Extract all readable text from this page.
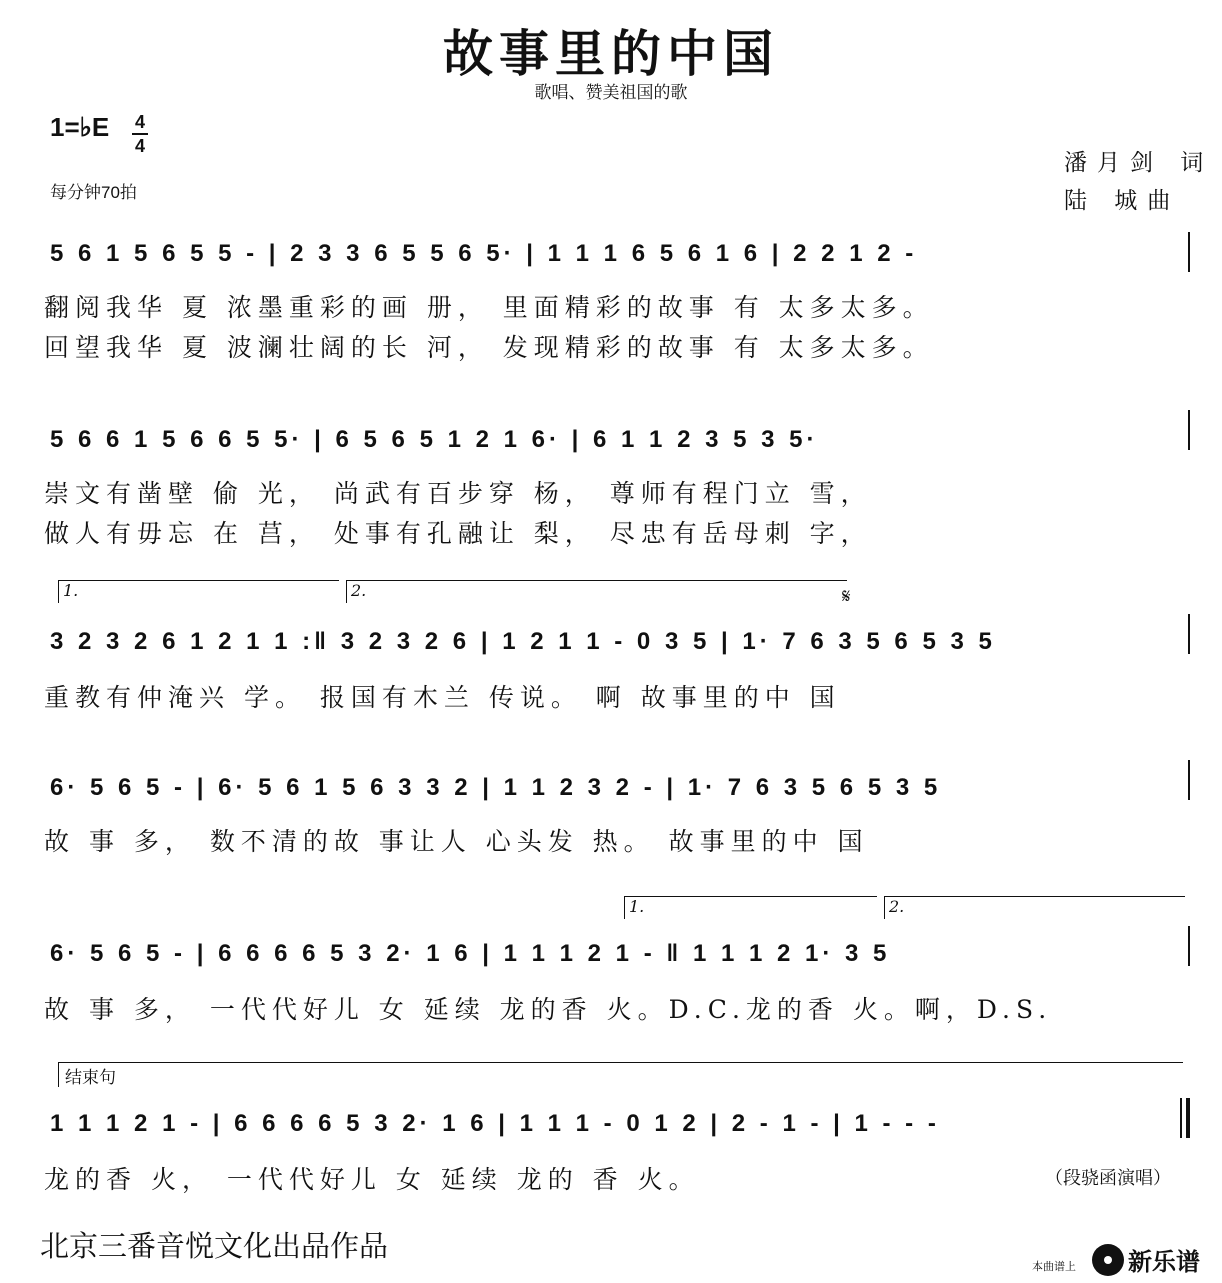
故事里的中国
歌唱、赞美祖国的歌
1=♭E 4
4
每分钟70拍
潘月剑 词
陆 城曲
5 6 1 5 6 5 5 - | 2 3 3 6 5 5 6 5· | 1 1 1 6 5 6 1 6 | 2 2 1 2 -
翻阅我华 夏 浓墨重彩的画 册， 里面精彩的故事 有 太多太多。
回望我华 夏 波澜壮阔的长 河， 发现精彩的故事 有 太多太多。
5 6 6 1 5 6 6 5 5· | 6 5 6 5 1 2 1 6· | 6 1 1 2 3 5 3 5·
崇文有凿壁 偷 光， 尚武有百步穿 杨， 尊师有程门立 雪，
做人有毋忘 在 莒， 处事有孔融让 梨， 尽忠有岳母刺 字，
1.	2.	𝄋
3 2 3 2 6 1 2 1 1 :‖ 3 2 3 2 6 | 1 2 1 1 - 0 3 5 | 1· 7 6 3 5 6 5 3 5
重教有仲淹兴 学。 报国有木兰 传说。 啊 故事里的中 国
6· 5 6 5 - | 6· 5 6 1 5 6 3 3 2 | 1 1 2 3 2 - | 1· 7 6 3 5 6 5 3 5
故 事 多， 数不清的故 事让人 心头发 热。 故事里的中 国
1.	2.
6· 5 6 5 - | 6 6 6 6 5 3 2· 1 6 | 1 1 1 2 1 - ‖ 1 1 1 2 1· 3 5
故 事 多， 一代代好儿 女 延续 龙的香 火。D.C.龙的香 火。啊，D.S.
结束句
1 1 1 2 1 - | 6 6 6 6 5 3 2· 1 6 | 1 1 1 - 0 1 2 | 2 - 1 - | 1 - - -
龙的香 火， 一代代好儿 女 延续 龙的 香 火。	（段骁函演唱）
北京三番音悦文化出品作品
本曲谱上 新乐谱
